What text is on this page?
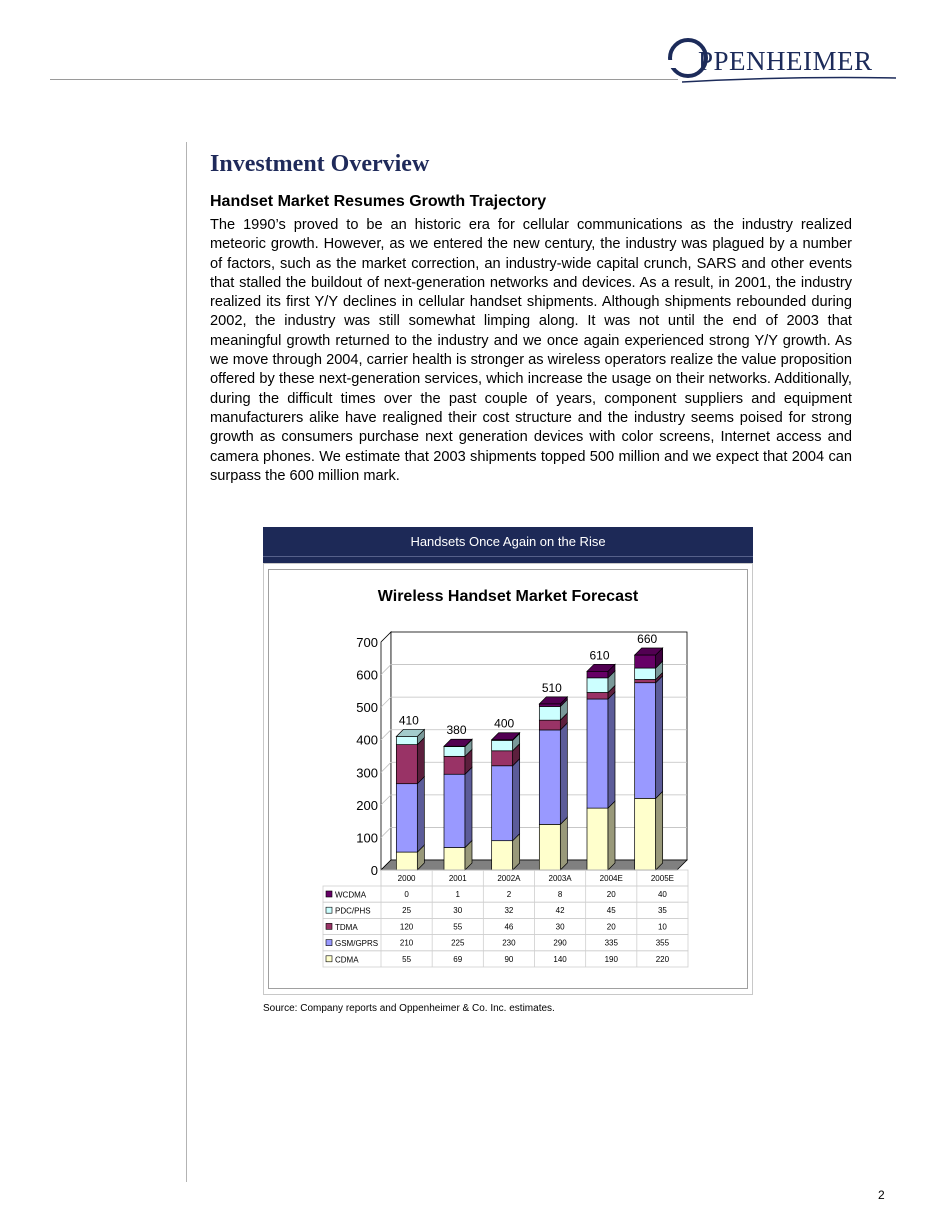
PPENHEIMER
Investment Overview
Handset Market Resumes Growth Trajectory

The 1990’s proved to be an historic era for cellular communications as the industry realized meteoric growth. However, as we entered the new century, the industry was plagued by a number of factors, such as the market correction, an industry-wide capital crunch, SARS and other events that stalled the buildout of next-generation networks and devices. As a result, in 2001, the industry realized its first Y/Y declines in cellular handset shipments. Although shipments rebounded during 2002, the industry was still somewhat limping along. It was not until the end of 2003 that meaningful growth returned to the industry and we once again experienced strong Y/Y growth. As we move through 2004, carrier health is stronger as wireless operators realize the value proposition offered by these next-generation services, which increase the usage on their networks. Additionally, during the difficult times over the past couple of years, component suppliers and equipment manufacturers alike have realigned their cost structure and the industry seems poised for strong growth as consumers purchase next generation devices with color screens, Internet access and camera phones. We estimate that 2003 shipments topped 500 million and we expect that 2004 can surpass the 600 million mark.

Handsets Once Again on the Rise
Wireless Handset Market Forecast
0
100
200
300
400
500
600
700
410
380 400
510
610
660
2000	2001	2002A	2003A	2004E	2005E
WCDMA	0	1	2	8	20	40
PDC/PHS	25	30	32	42	45	35
TDMA	120	55	46	30	20	10
GSM/GPRS	210	225	230	290	335	355
CDMA	55	69	90	140	190	220
Source: Company reports and Oppenheimer & Co. Inc. estimates.
2
